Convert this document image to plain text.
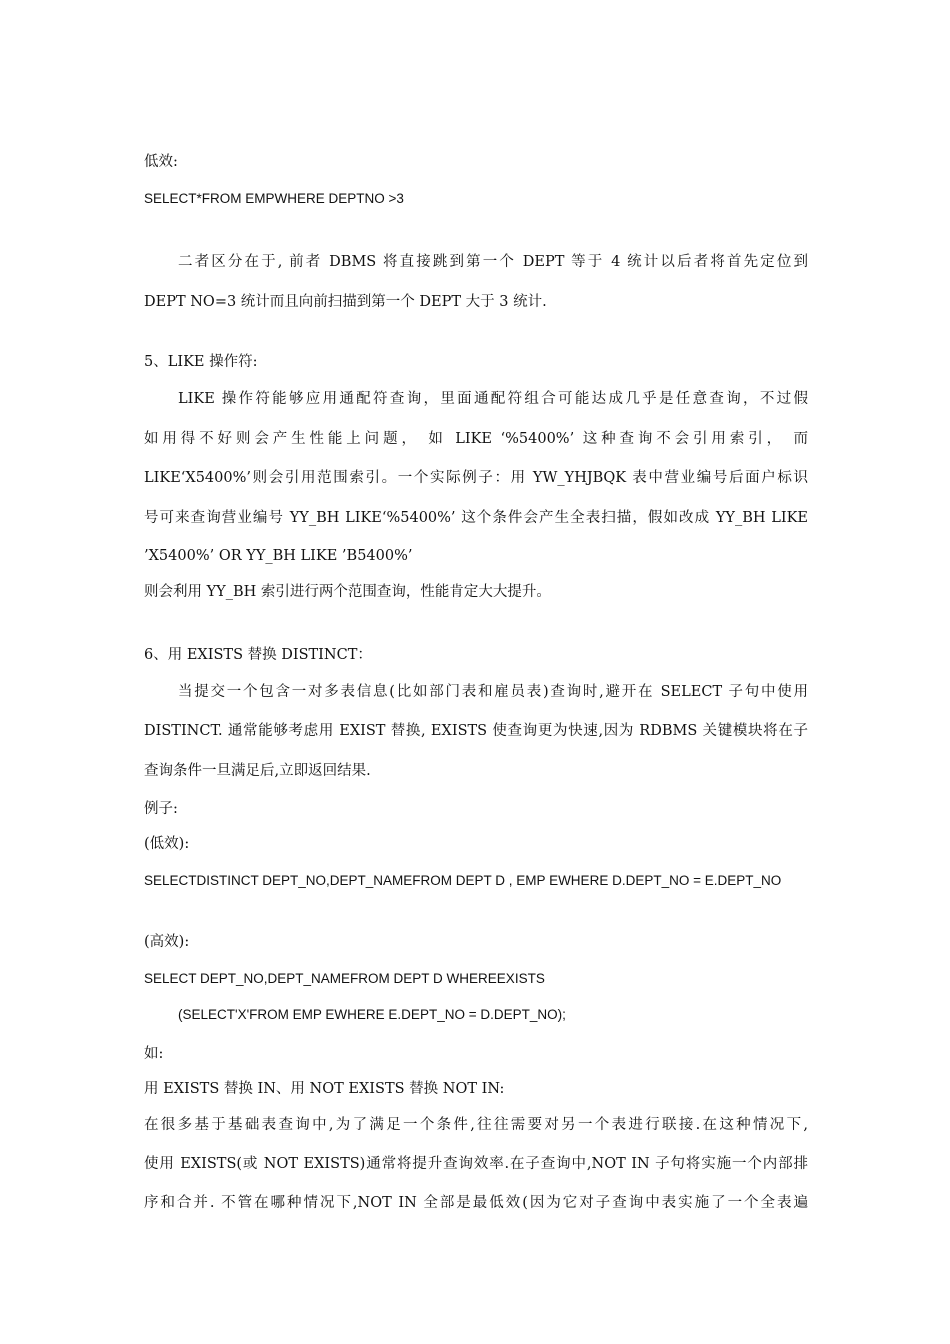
低效:
SELECT*FROM EMPWHERE DEPTNO >3
二者区分在于, 前者 DBMS 将直接跳到第一个 DEPT 等于 4 统计以后者将首先定位到
DEPT NO=3 统计而且向前扫描到第一个 DEPT 大于 3 统计.
5、LIKE 操作符:
LIKE 操作符能够应用通配符查询，里面通配符组合可能达成几乎是任意查询，不过假
如用得不好则会产生性能上问题， 如 LIKE ‘%5400%’ 这种查询不会引用索引， 而
LIKE‘X5400%’则会引用范围索引。一个实际例子：用 YW_YHJBQK 表中营业编号后面户标识
号可来查询营业编号 YY_BH LIKE‘%5400%’ 这个条件会产生全表扫描，假如改成 YY_BH LIKE
’X5400%’ OR YY_BH LIKE ’B5400%’
则会利用 YY_BH 索引进行两个范围查询，性能肯定大大提升。
6、用 EXISTS 替换 DISTINCT：
当提交一个包含一对多表信息(比如部门表和雇员表)查询时,避开在 SELECT 子句中使用
DISTINCT. 通常能够考虑用 EXIST 替换, EXISTS 使查询更为快速,因为 RDBMS 关键模块将在子
查询条件一旦满足后,立即返回结果.
例子:
(低效):
SELECTDISTINCT DEPT_NO,DEPT_NAMEFROM DEPT D , EMP EWHERE D.DEPT_NO = E.DEPT_NO
(高效):
SELECT DEPT_NO,DEPT_NAMEFROM DEPT D WHEREEXISTS
(SELECT'X'FROM EMP EWHERE E.DEPT_NO = D.DEPT_NO);
如:
用 EXISTS 替换 IN、用 NOT EXISTS 替换 NOT IN:
在很多基于基础表查询中,为了满足一个条件,往往需要对另一个表进行联接.在这种情况下,
使用 EXISTS(或 NOT EXISTS)通常将提升查询效率.在子查询中,NOT IN 子句将实施一个内部排
序和合并. 不管在哪种情况下,NOT IN 全部是最低效(因为它对子查询中表实施了一个全表遍
